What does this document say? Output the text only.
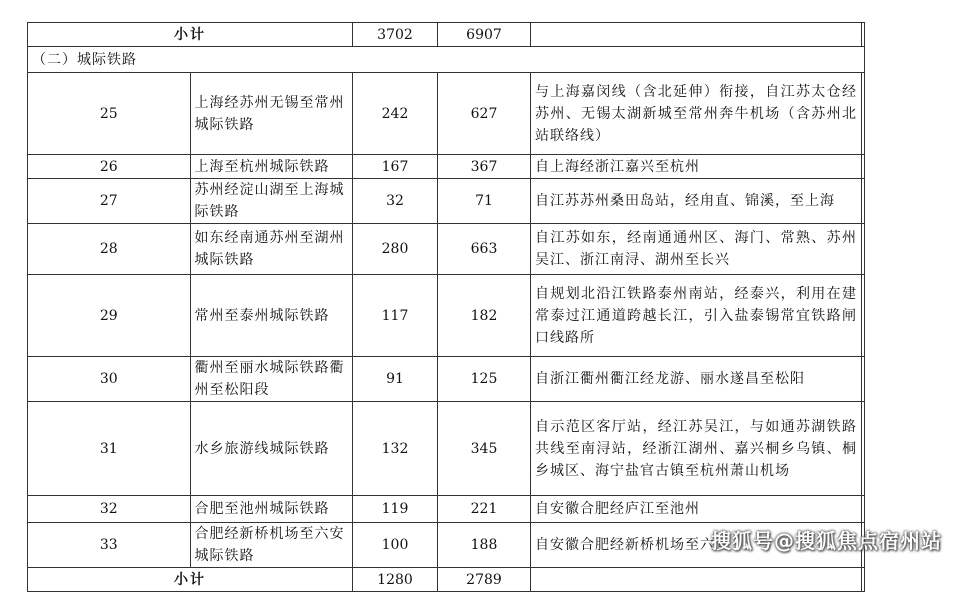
小计		3702	6907		
（二）城际铁路					
25	上海经苏州无锡至常州城际铁路	242	627	与上海嘉闵线（含北延伸）衔接，自江苏太仓经苏州、无锡太湖新城至常州奔牛机场（含苏州北站联络线）	
26	上海至杭州城际铁路	167	367	自上海经浙江嘉兴至杭州	
27	苏州经淀山湖至上海城际铁路	32	71	自江苏苏州桑田岛站，经甪直、锦溪，至上海	
28	如东经南通苏州至湖州城际铁路	280	663	自江苏如东，经南通通州区、海门、常熟、苏州吴江、浙江南浔、湖州至长兴	
29	常州至泰州城际铁路	117	182	自规划北沿江铁路泰州南站，经泰兴，利用在建常泰过江通道跨越长江，引入盐泰锡常宜铁路闸口线路所	
30	衢州至丽水城际铁路衢州至松阳段	91	125	自浙江衢州衢江经龙游、丽水遂昌至松阳	
31	水乡旅游线城际铁路	132	345	自示范区客厅站，经江苏吴江，与如通苏湖铁路共线至南浔站，经浙江湖州、嘉兴桐乡乌镇、桐乡城区、海宁盐官古镇至杭州萧山机场	
32	合肥至池州城际铁路	119	221	自安徽合肥经庐江至池州	
33	合肥经新桥机场至六安城际铁路	100	188	自安徽合肥经新桥机场至六安	
小计		1280	2789		
搜狐号@搜狐焦点宿州站
